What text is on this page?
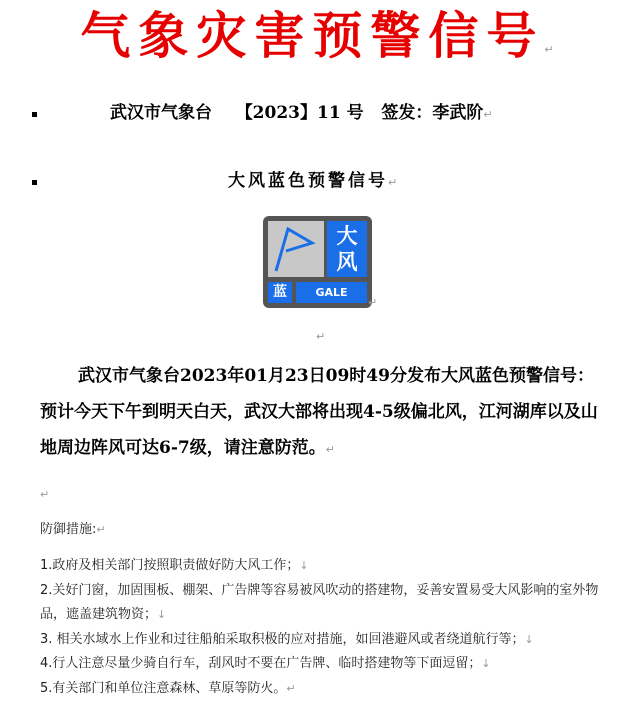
气象灾害预警信号↵
武汉市气象台 【2023】11 号 签发：李武阶↵
大风蓝色预警信号↵
大
风
蓝	GALE
↵
↵
武汉市气象台2023年01月23日09时49分发布大风蓝色预警信号：预计今天下午到明天白天，武汉大部将出现4-5级偏北风，江河湖库以及山地周边阵风可达6-7级，请注意防范。↵
↵
防御措施:↵
1.政府及相关部门按照职责做好防大风工作；↓
2.关好门窗，加固围板、棚架、广告牌等容易被风吹动的搭建物，妥善安置易受大风影响的室外物品，遮盖建筑物资；↓
3. 相关水域水上作业和过往船舶采取积极的应对措施，如回港避风或者绕道航行等；↓
4.行人注意尽量少骑自行车，刮风时不要在广告牌、临时搭建物等下面逗留；↓
5.有关部门和单位注意森林、草原等防火。↵
